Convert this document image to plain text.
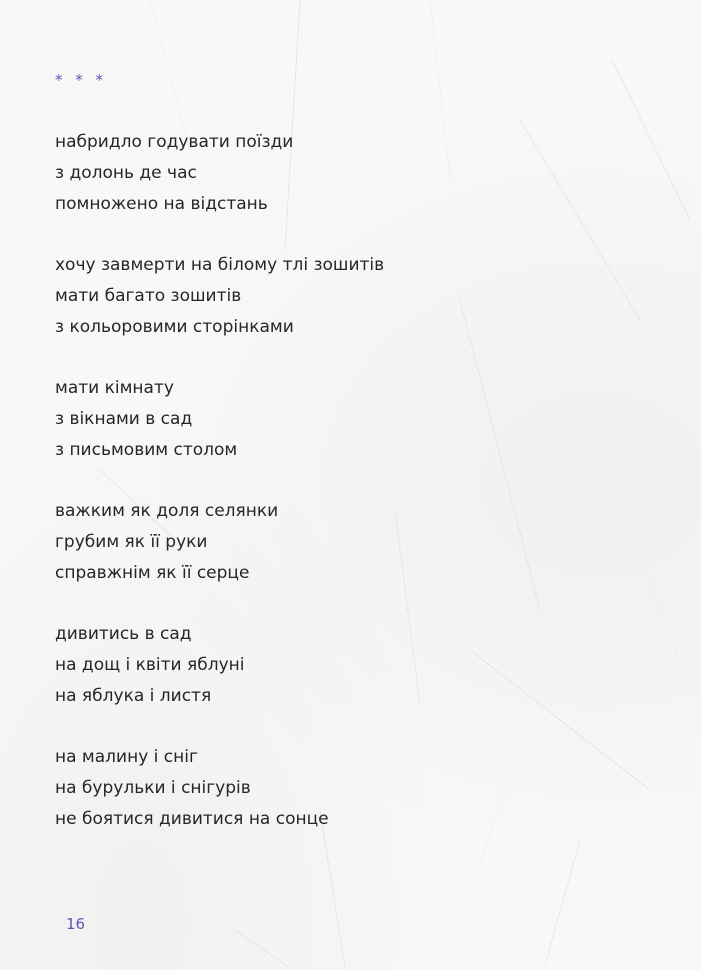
* * *
набридло годувати поїзди
з долонь де час
помножено на відстань
хочу завмерти на білому тлі зошитів
мати багато зошитів
з кольоровими сторінками
мати кімнату
з вікнами в сад
з письмовим столом
важким як доля селянки
грубим як її руки
справжнім як її серце
дивитись в сад
на дощ і квіти яблуні
на яблука і листя
на малину і сніг
на бурульки і снігурів
не боятися дивитися на сонце
16
